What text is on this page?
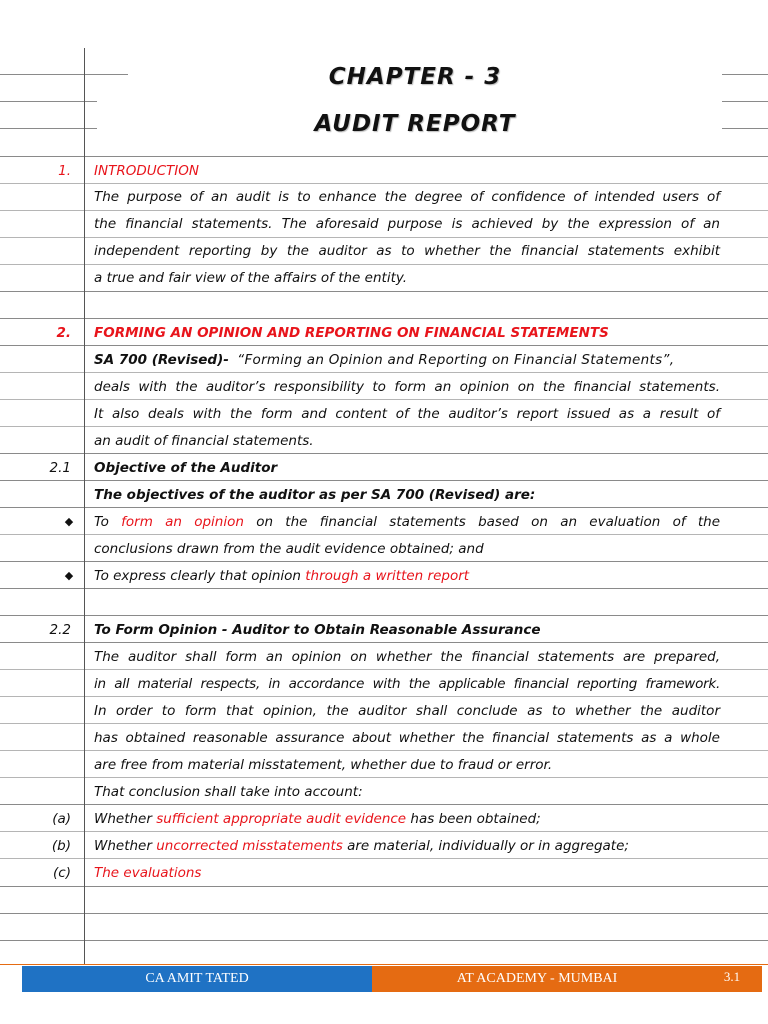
CHAPTER - 3
AUDIT REPORT
1. INTRODUCTION
The purpose of an audit is to enhance the degree of confidence of intended users of
the financial statements. The aforesaid purpose is achieved by the expression of an
independent reporting by the auditor as to whether the financial statements exhibit
a true and fair view of the affairs of the entity.
2. FORMING AN OPINION AND REPORTING ON FINANCIAL STATEMENTS
SA 700 (Revised)- “Forming an Opinion and Reporting on Financial Statements”,
deals with the auditor’s responsibility to form an opinion on the financial statements.
It also deals with the form and content of the auditor’s report issued as a result of
an audit of financial statements.
2.1 Objective of the Auditor
The objectives of the auditor as per SA 700 (Revised) are:
◆ To form an opinion on the financial statements based on an evaluation of the
conclusions drawn from the audit evidence obtained; and
◆ To express clearly that opinion through a written report
2.2 To Form Opinion - Auditor to Obtain Reasonable Assurance
The auditor shall form an opinion on whether the financial statements are prepared,
in all material respects, in accordance with the applicable financial reporting framework.
In order to form that opinion, the auditor shall conclude as to whether the auditor
has obtained reasonable assurance about whether the financial statements as a whole
are free from material misstatement, whether due to fraud or error.
That conclusion shall take into account:
(a) Whether sufficient appropriate audit evidence has been obtained;
(b) Whether uncorrected misstatements are material, individually or in aggregate;
(c) The evaluations
CA AMIT TATED	AT ACADEMY - MUMBAI	3.1
